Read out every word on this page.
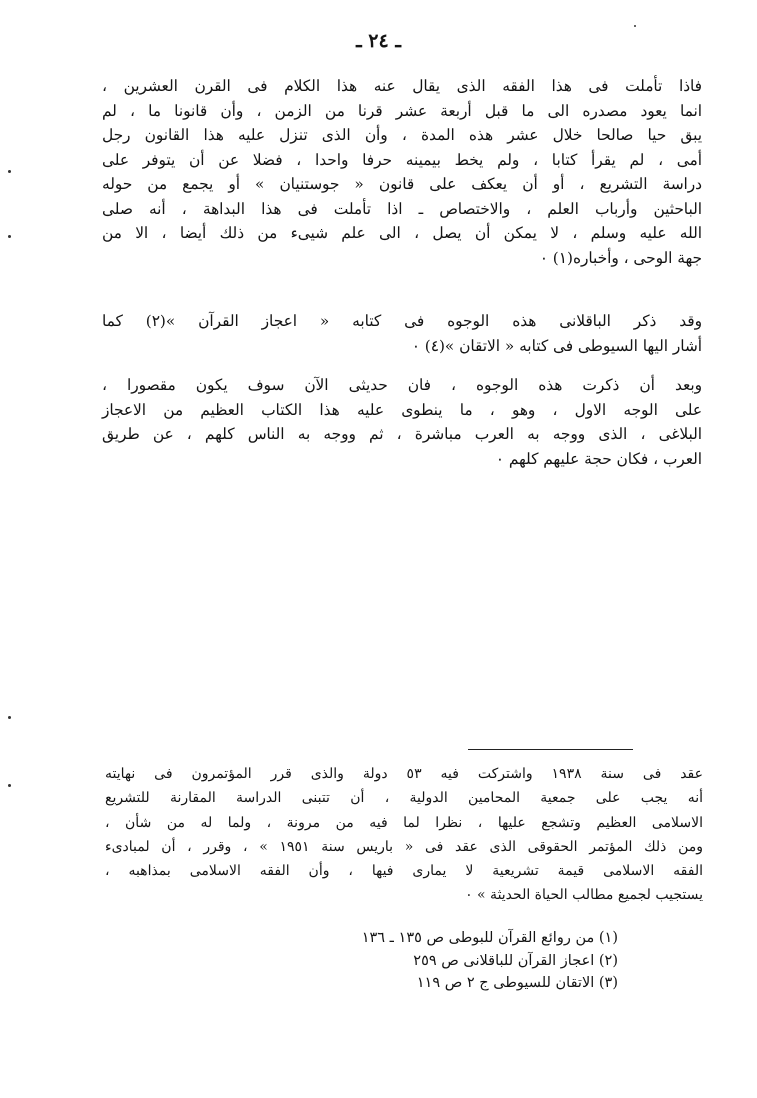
ـ ٢٤ ـ
فاذا تأملت فى هذا الفقه الذى يقال عنه هذا الكلام فى القرن العشرين ،
انما يعود مصدره الى ما قبل أربعة عشر قرنا من الزمن ، وأن قانونا ما ، لم
يبق حيا صالحا خلال عشر هذه المدة ، وأن الذى تنزل عليه هذا القانون رجل
أمى ، لم يقرأ كتابا ، ولم يخط بيمينه حرفا واحدا ، فضلا عن أن يتوفر على
دراسة التشريع ، أو أن يعكف على قانون « جوستنيان » أو يجمع من حوله
الباحثين وأرباب العلم ، والاختصاص ـ اذا تأملت فى هذا البداهة ، أنه صلى
الله عليه وسلم ، لا يمكن أن يصل ، الى علم شيىء من ذلك أيضا ، الا من
جهة الوحى ، وأخباره(١) ٠
وقد ذكر الباقلانى هذه الوجوه فى كتابه « اعجاز القرآن »(٢) كما
أشار اليها السيوطى فى كتابه « الاتقان »(٤) ٠
وبعد أن ذكرت هذه الوجوه ، فان حديثى الآن سوف يكون مقصورا ،
على الوجه الاول ، وهو ، ما ينطوى عليه هذا الكتاب العظيم من الاعجاز
البلاغى ، الذى ووجه به العرب مباشرة ، ثم ووجه به الناس كلهم ، عن طريق
العرب ، فكان حجة عليهم كلهم ٠
عقد فى سنة ١٩٣٨ واشتركت فيه ٥٣ دولة والذى قرر المؤتمرون فى نهايته
أنه يجب على جمعية المحامين الدولية ، أن تتبنى الدراسة المقارنة للتشريع
الاسلامى العظيم وتشجع عليها ، نظرا لما فيه من مرونة ، ولما له من شأن ،
ومن ذلك المؤتمر الحقوقى الذى عقد فى « باريس سنة ١٩٥١ » ، وقرر ، أن لمبادىء
الفقه الاسلامى قيمة تشريعية لا يمارى فيها ، وأن الفقه الاسلامى بمذاهبه ،
يستجيب لجميع مطالب الحياة الحديثة » ٠
(١) من روائع القرآن للبوطى ص ١٣٥ ـ ١٣٦
(٢) اعجاز القرآن للباقلانى ص ٢٥٩
(٣) الاتقان للسيوطى ج ٢ ص ١١٩
